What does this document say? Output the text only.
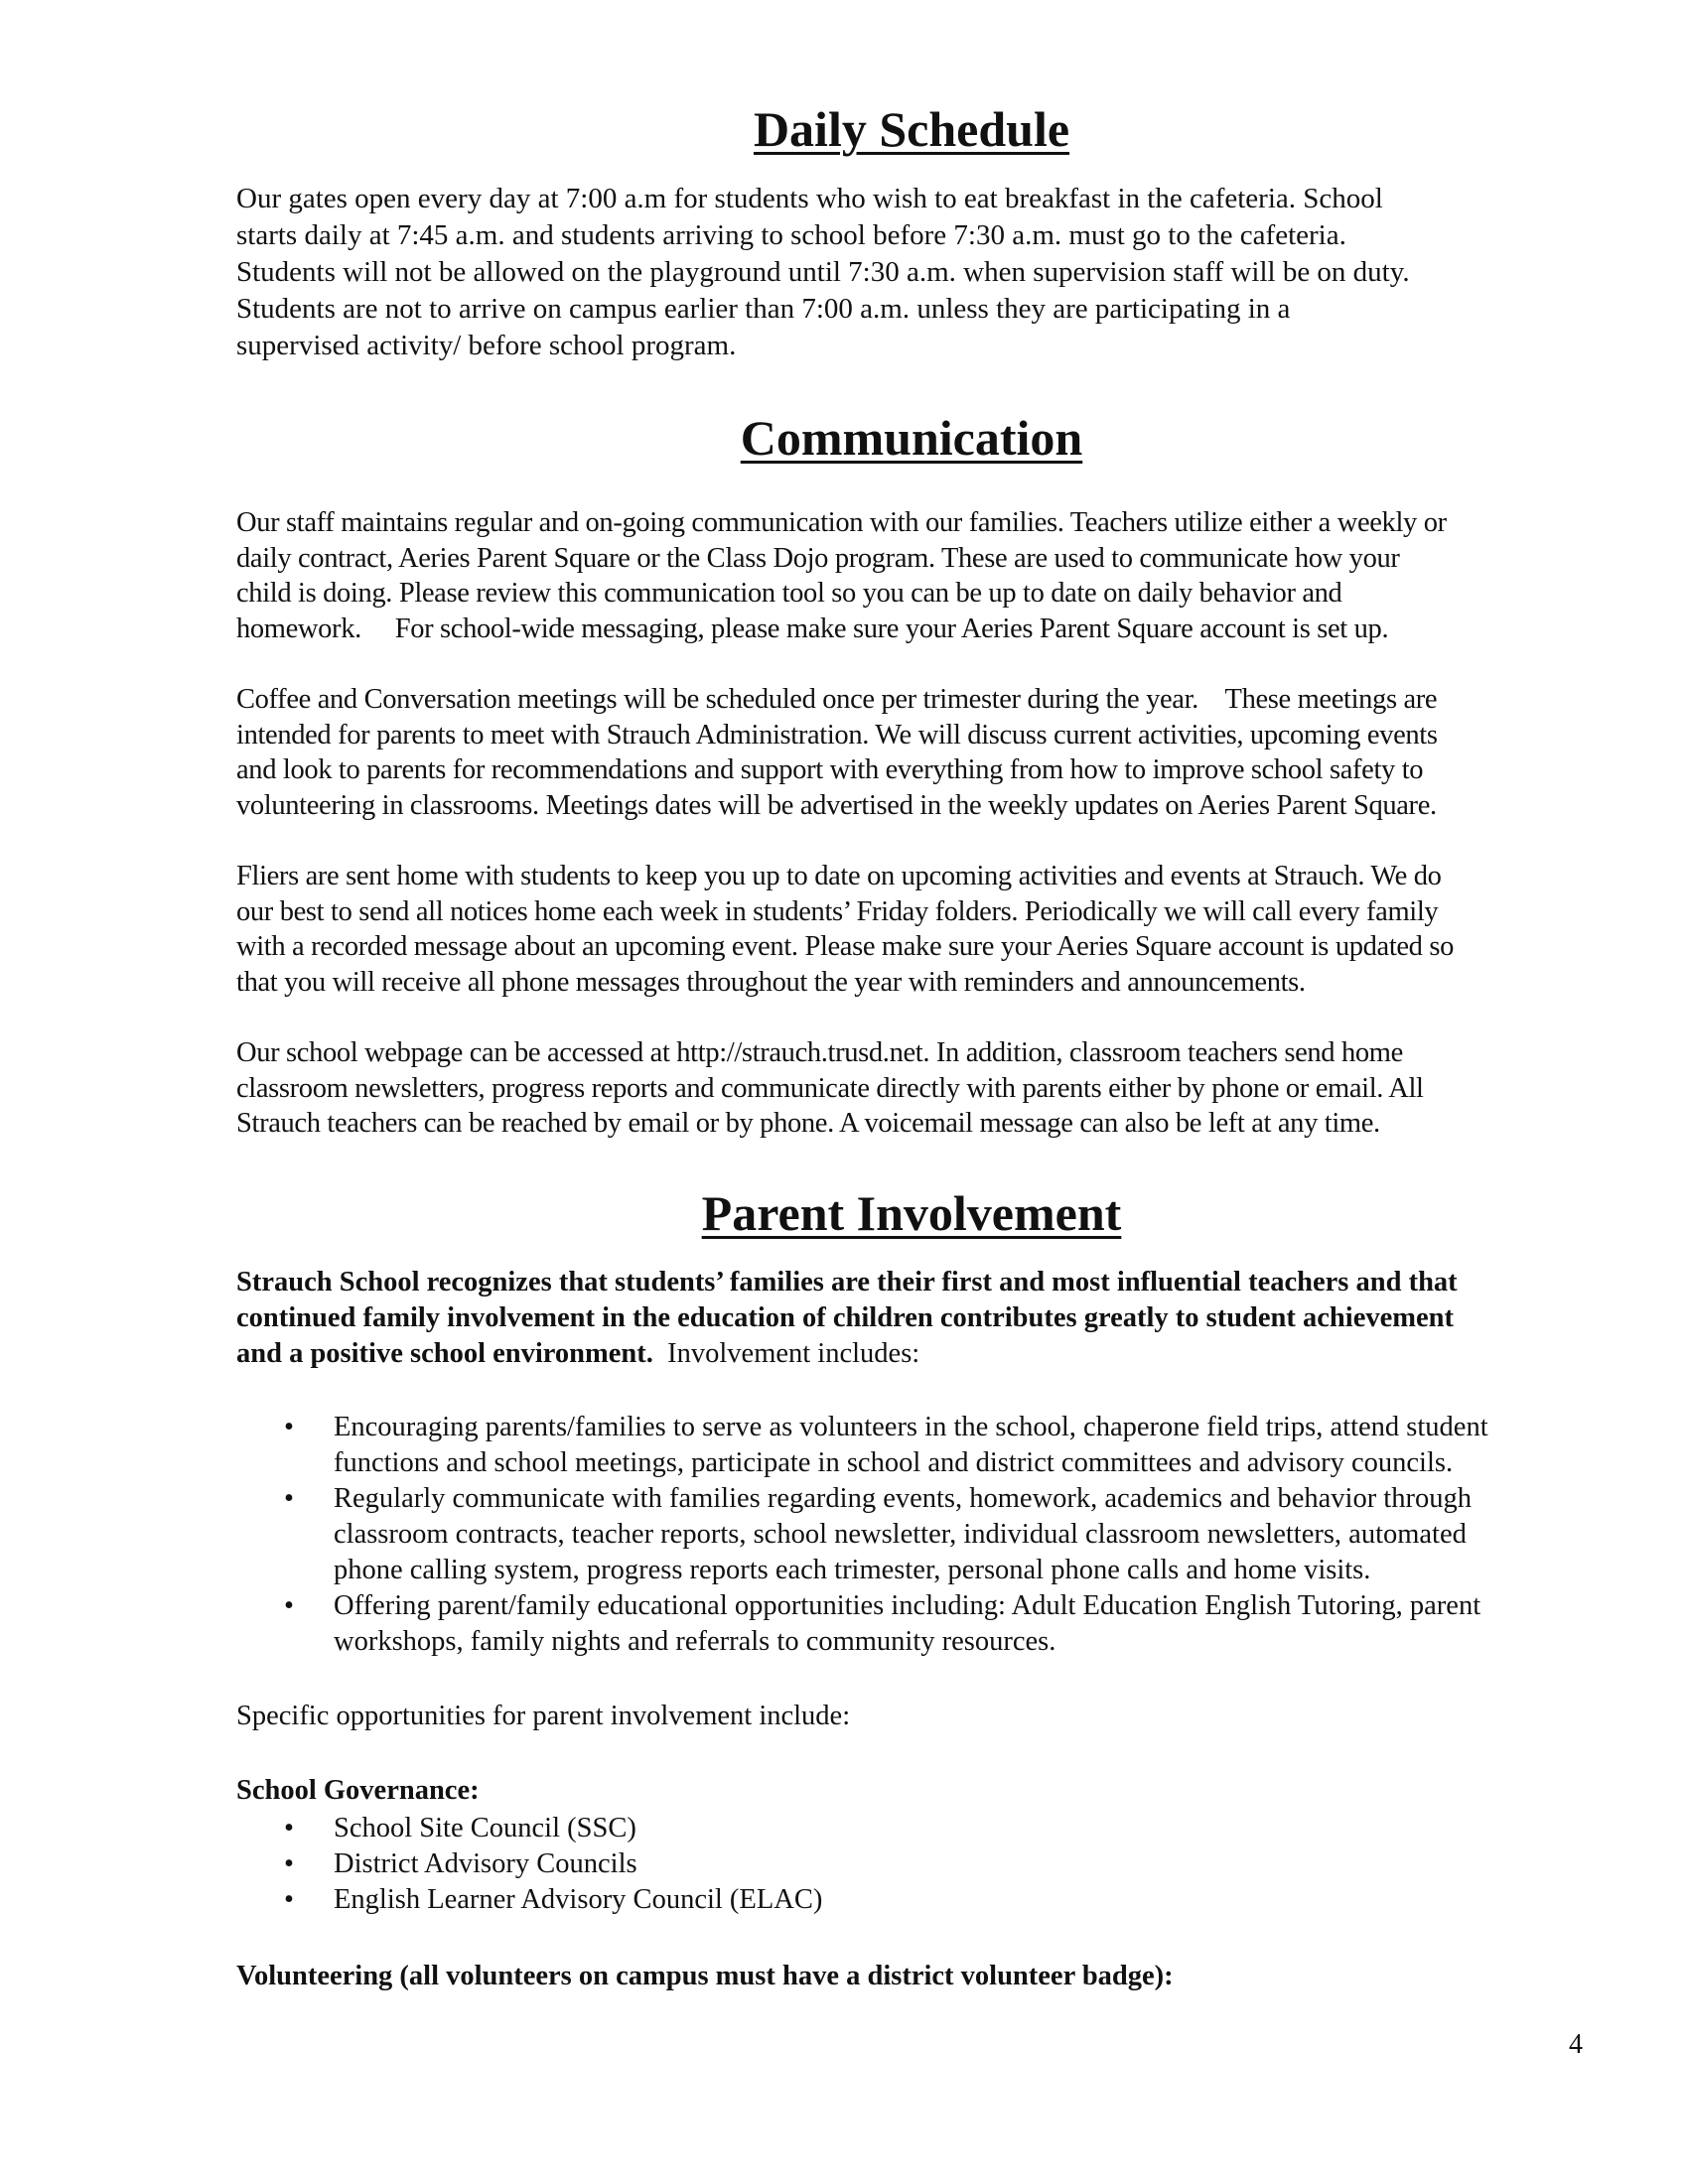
Daily Schedule

Our gates open every day at 7:00 a.m for students who wish to eat breakfast in the cafeteria. School
starts daily at 7:45 a.m. and students arriving to school before 7:30 a.m. must go to the cafeteria.
Students will not be allowed on the playground until 7:30 a.m. when supervision staff will be on duty.
Students are not to arrive on campus earlier than 7:00 a.m. unless they are participating in a
supervised activity/ before school program.

Communication

Our staff maintains regular and on-going communication with our families. Teachers utilize either a weekly or
daily contract, Aeries Parent Square or the Class Dojo program. These are used to communicate how your
child is doing. Please review this communication tool so you can be up to date on daily behavior and
homework.     For school-wide messaging, please make sure your Aeries Parent Square account is set up.

Coffee and Conversation meetings will be scheduled once per trimester during the year.    These meetings are
intended for parents to meet with Strauch Administration. We will discuss current activities, upcoming events
and look to parents for recommendations and support with everything from how to improve school safety to
volunteering in classrooms. Meetings dates will be advertised in the weekly updates on Aeries Parent Square.

Fliers are sent home with students to keep you up to date on upcoming activities and events at Strauch. We do
our best to send all notices home each week in students’ Friday folders. Periodically we will call every family
with a recorded message about an upcoming event. Please make sure your Aeries Square account is updated so
that you will receive all phone messages throughout the year with reminders and announcements.

Our school webpage can be accessed at http://strauch.trusd.net. In addition, classroom teachers send home
classroom newsletters, progress reports and communicate directly with parents either by phone or email. All
Strauch teachers can be reached by email or by phone. A voicemail message can also be left at any time.

Parent Involvement

Strauch School recognizes that students’ families are their first and most influential teachers and that
continued family involvement in the education of children contributes greatly to student achievement
and a positive school environment.  Involvement includes:

• Encouraging parents/families to serve as volunteers in the school, chaperone field trips, attend student
functions and school meetings, participate in school and district committees and advisory councils.
• Regularly communicate with families regarding events, homework, academics and behavior through
classroom contracts, teacher reports, school newsletter, individual classroom newsletters, automated
phone calling system, progress reports each trimester, personal phone calls and home visits.
• Offering parent/family educational opportunities including: Adult Education English Tutoring, parent
workshops, family nights and referrals to community resources.

Specific opportunities for parent involvement include:

School Governance:

• School Site Council (SSC)
• District Advisory Councils
• English Learner Advisory Council (ELAC)

Volunteering (all volunteers on campus must have a district volunteer badge):

4
